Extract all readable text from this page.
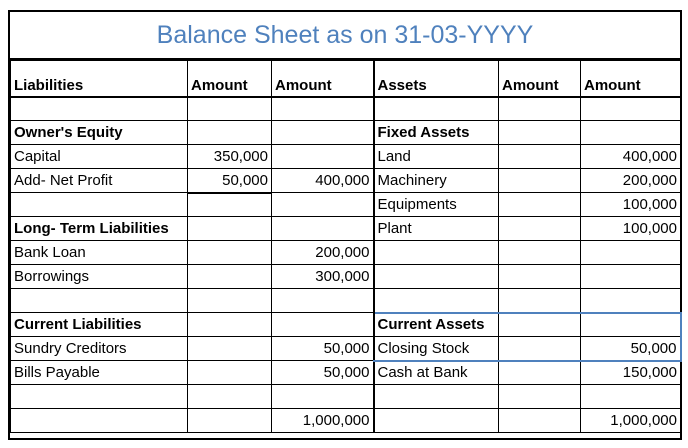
Balance Sheet as on 31-03-YYYY
Liabilities	Amount	Amount	Assets	Amount	Amount

Owner's Equity			Fixed Assets		
Capital	350,000		Land		400,000
Add- Net Profit	50,000	400,000	Machinery		200,000
			Equipments		100,000
Long- Term Liabilities			Plant		100,000
Bank Loan		200,000			
Borrowings		300,000			

Current Liabilities			Current Assets		
Sundry Creditors		50,000	Closing Stock		50,000
Bills Payable		50,000	Cash at Bank		150,000

		1,000,000			1,000,000
